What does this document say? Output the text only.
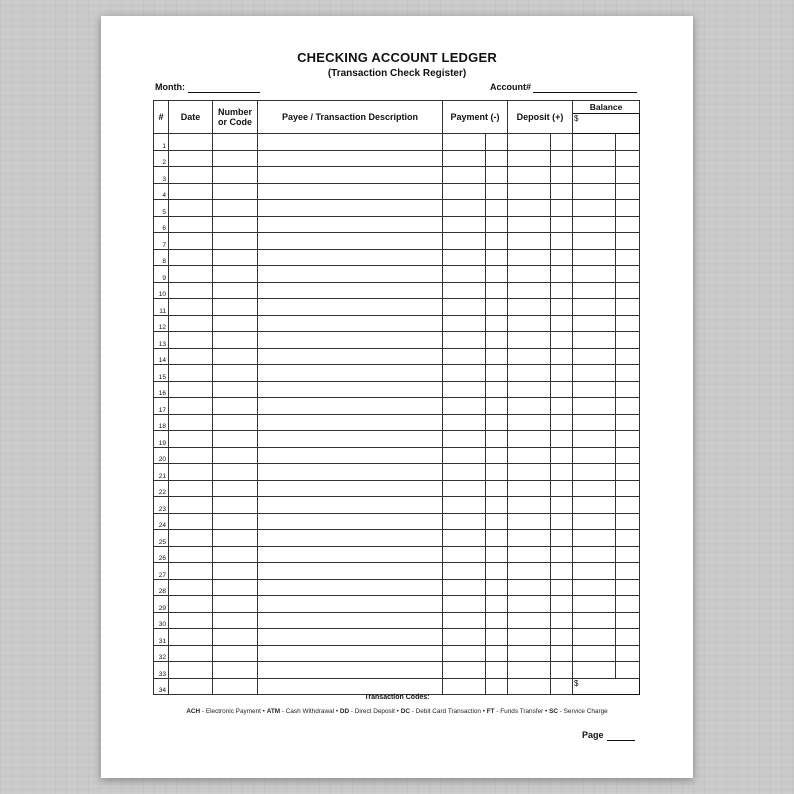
CHECKING ACCOUNT LEDGER
(Transaction Check Register)
Month:	Account#
#	Date	Number
or Code	Payee / Transaction Description	Payment (-)		Deposit (+)		Balance	
								$	
1									
2									
3									
4									
5									
6									
7									
8									
9									
10									
11									
12									
13									
14									
15									
16									
17									
18									
19									
20									
21									
22									
23									
24									
25									
26									
27									
28									
29									
30									
31									
32									
33									
34								$	
Transaction Codes:
ACH - Electronic Payment • ATM - Cash Withdrawal • DD - Direct Deposit • DC - Debit Card Transaction • FT - Funds Transfer • SC - Service Charge
Page
